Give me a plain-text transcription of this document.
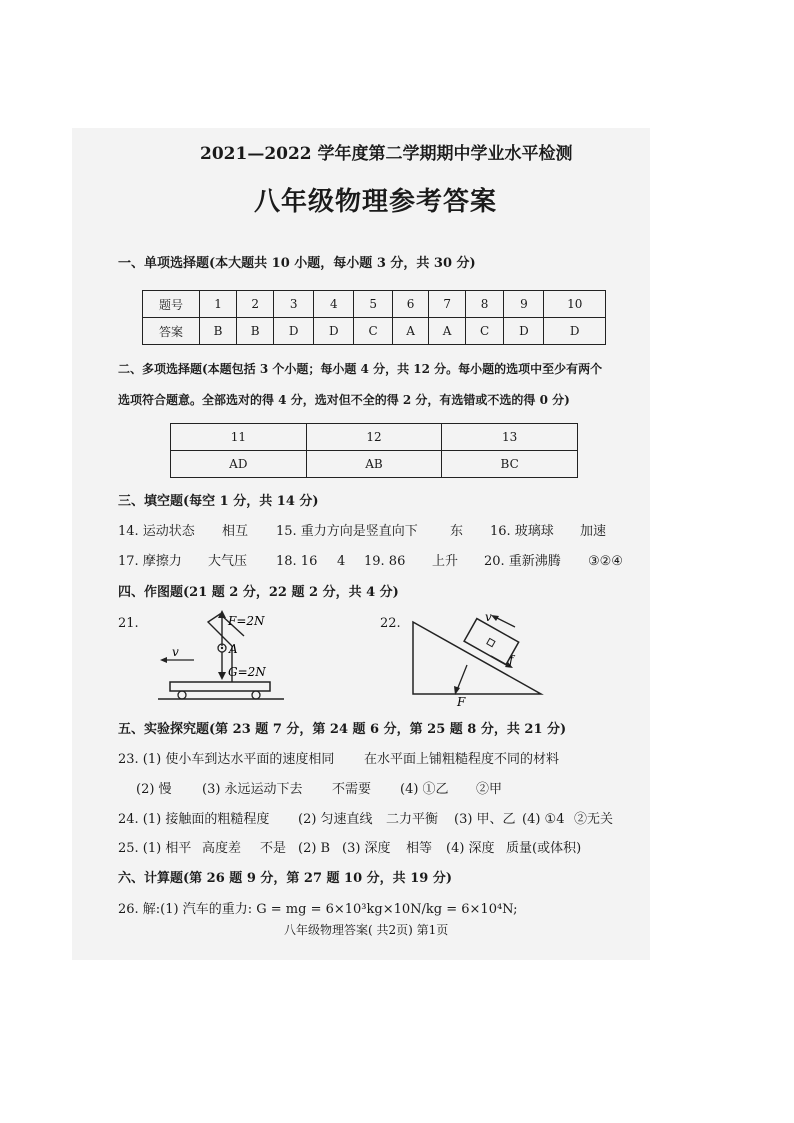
2021—2022 学年度第二学期期中学业水平检测
八年级物理参考答案
一、单项选择题(本大题共 10 小题，每小题 3 分，共 30 分)
题号	1	2	3	4	5	6	7	8	9	10
答案	B	B	D	D	C	A	A	C	D	D
二、多项选择题(本题包括 3 个小题；每小题 4 分，共 12 分。每小题的选项中至少有两个
选项符合题意。全部选对的得 4 分，选对但不全的得 2 分，有选错或不选的得 0 分)
11	12	13
AD	AB	BC
三、填空题(每空 1 分，共 14 分)
14. 运动状态 相互 15. 重力方向是竖直向下 东 16. 玻璃球 加速
17. 摩擦力 大气压 18. 16 4 19. 86 上升 20. 重新沸腾 ③②④
四、作图题(21 题 2 分，22 题 2 分，共 4 分)
21.	F=2N
A
G=2N
v
22.	v
f
F
五、实验探究题(第 23 题 7 分，第 24 题 6 分，第 25 题 8 分，共 21 分)
23. (1) 使小车到达水平面的速度相同 在水平面上铺粗糙程度不同的材料
(2) 慢 (3) 永远运动下去 不需要 (4) ①乙 ②甲
24. (1) 接触面的粗糙程度 (2) 匀速直线 二力平衡 (3) 甲、乙 (4) ①4 ②无关
25. (1) 相平 高度差 不是 (2) B (3) 深度 相等 (4) 深度 质量(或体积)
六、计算题(第 26 题 9 分，第 27 题 10 分，共 19 分)
26. 解:(1) 汽车的重力: G = mg = 6×10³kg×10N/kg = 6×10⁴N;
八年级物理答案( 共2页) 第1页
